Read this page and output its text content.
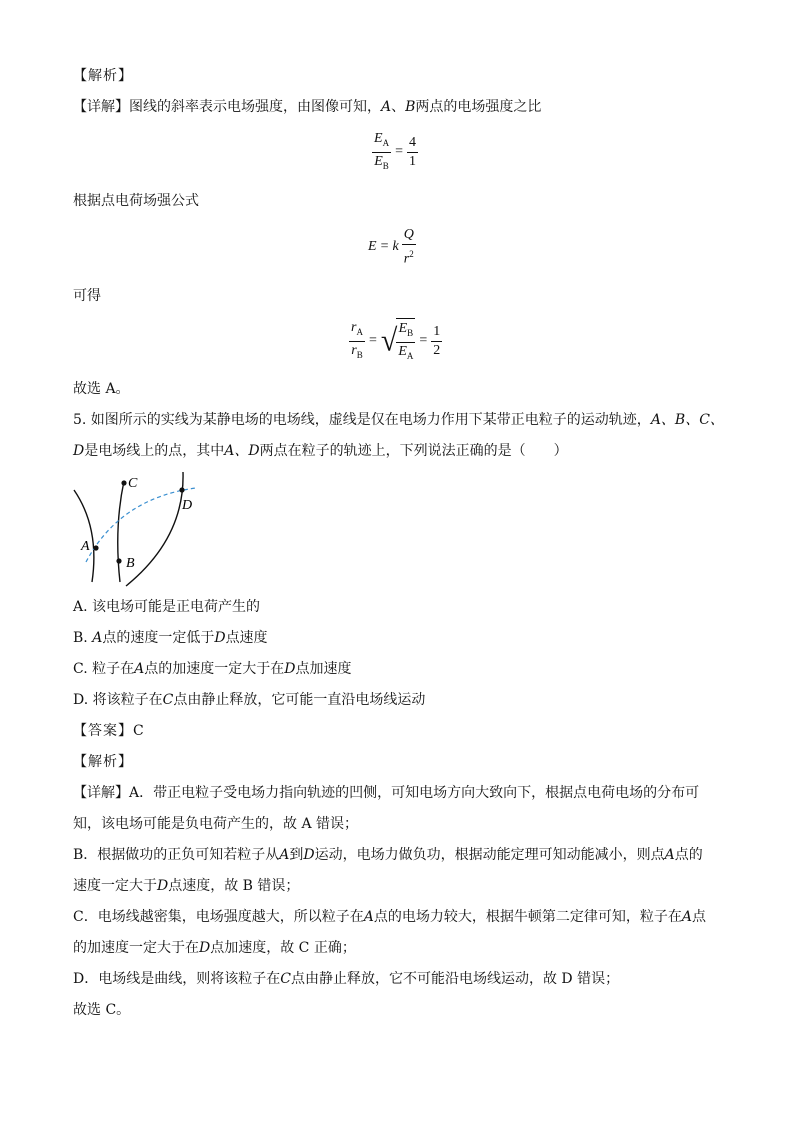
【解析】
【详解】图线的斜率表示电场强度，由图像可知，A、B两点的电场强度之比
$\frac{E_A}{E_B} = \frac{4}{1}$
根据点电荷场强公式
E = k $\frac{Q}{r^2}$
可得
$\frac{r_A}{r_B}$ = √ $\frac{E_B}{E_A} = \frac{1}{2}$
故选 A。
5. 如图所示的实线为某静电场的电场线，虚线是仅在电场力作用下某带正电粒子的运动轨迹，A、B、C、
D是电场线上的点，其中A、D两点在粒子的轨迹上，下列说法正确的是（　　）
A
C
B
D
A. 该电场可能是正电荷产生的
B. A点的速度一定低于D点速度
C. 粒子在A点的加速度一定大于在D点加速度
D. 将该粒子在C点由静止释放，它可能一直沿电场线运动
【答案】C
【解析】
【详解】A．带正电粒子受电场力指向轨迹的凹侧，可知电场方向大致向下，根据点电荷电场的分布可
知，该电场可能是负电荷产生的，故 A 错误；
B．根据做功的正负可知若粒子从A到D运动，电场力做负功，根据动能定理可知动能减小，则点A点的
速度一定大于D点速度，故 B 错误；
C．电场线越密集，电场强度越大，所以粒子在A点的电场力较大，根据牛顿第二定律可知，粒子在A点
的加速度一定大于在D点加速度，故 C 正确；
D．电场线是曲线，则将该粒子在C点由静止释放，它不可能沿电场线运动，故 D 错误；
故选 C。
